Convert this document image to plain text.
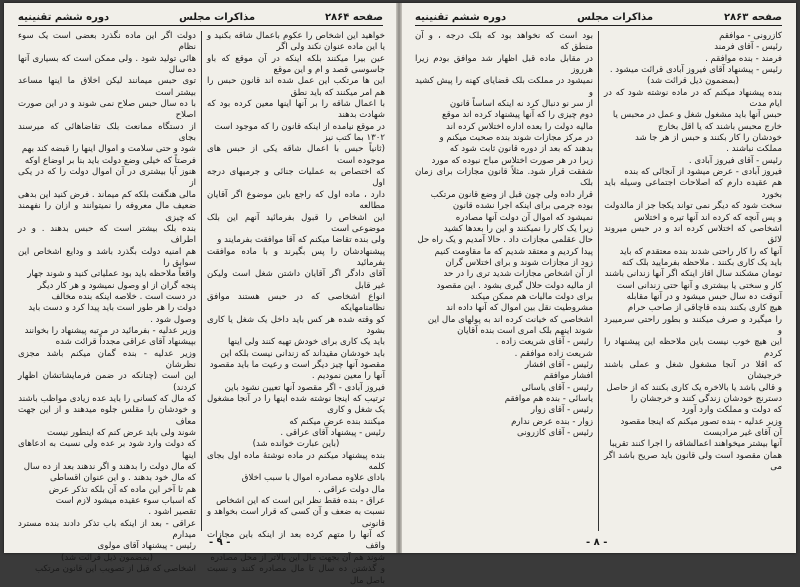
صفحه ۲۸۶۴
مذاکرات مجلس
دوره ششم تقنینیه

خواهید این اشخاص را عکوم باعمال شاقه بکنید و یا این ماده عنوان نکند ولی اگر

عین بیرا میکنند بلکه اینکه در آن موقع که باو جاسوسی قصد و ام و این موقع

این ها مرتکب این عمل شده اند قانون حبس را هم امر میکنند که باید نطق

با اعمال شاقه را بر آنها اینها معین کرده بود که شهادت بدهند

در موقع نیامده از اینکه قانون را که موجود است

۱۳۰۲ بما کتب نیز

(ثانیاً حبس با اعمال شاقه یکی از حبس های موجوده است

که اختصاص به عملیات جنائی و جرمیهای درجه اول

دارد ، ماده اول که راجع باین موضوع اگر آقایان مطالعه

این اشخاص را قبول بفرمائید آنهم این بلک موضوعی است

ولی بنده تقاضا میکنم که آقا موافقت بفرمایند و

پیشنهادشان را پس بگیرند و با ماده موافقت بفرمائید

آقای دادگر اگر آقایان داشتن شغل است ولیکن غیر قابل

انواع اشخاصی که در حبس هستند موافق نظامنامهایکه

کو وقته شده هر کس باید داخل یک شغل یا کاری بشود

باید یک کاری برای خودش تهیه کنند ولی اینها

باید خودشان مقیداند که زندانی نیست بلکه این

مقصود آنها چیز دیگر است و رعیت ما باید مقصود

آنها را معین نمودیم .

فیروز آبادی - اگر مقصود آنها تعیین نشود باین

ترتیب که اینجا نوشته شده اینها را در آنجا مشغول یک شغل و کاری

میکنند بنده عرض میکنم که

رئیس - پیشنهاد آقای عراقی .

(باین عبارت خوانده شد)

بنده پیشنهاد میکنم در ماده نوشتهٔ ماده اول بجای کلمه

بادای علاوه مصادره اموال با سبب اخلاق

مال دولت عراقی .

عراق - بنده فقط نظر این است که این اشخاص

نسبت به ضعف و آن کسی که قرار است بخواهد و قانونی

که آنها را متهم کرده بعد از اینکه باین مجازات واقف

شوند هم آن بجهت مال این بالاتر از محل مصادره

و گذشتن ده سال تا مال مصادره کنند و نسبت باصل مال

دولت اگر این ماده نگذرد بعضی است یک سوء نظام

هائی تولید شود . ولی ممکن است که بسیاری آنها ده سال

توی حبس میمانند لیکن اخلاق ما اینها مساعد بیشتر است

با ده سال حبس صلاح نمی شوند و در این صورت اصلاح

از دستگاه ممانعت بلک تقاضاهائی که میرسند بجای

شود و حتی سلامت و اموال اینها را قبضه کند بهم

فرصتاً که خیلی وضع دولت باید بنا بر اوضاع اوکه

هنوز آیا بیشتری در آن اموال دولت را که در یکی از

مالی هنگفت بلکه کم میماند . فرض کنید این بدهی

ضعیف مال معروفه را نمیتوانند و ازان را نفهمند که چیزی

بنده بلک بیشتر است که حبس بدهند . و در اطراف

هم امنیه دولت بگذرد باشد و ودایع اشخاص این سوابق را

واقعاً ملاحظه باید بود عملیاتی کنید و شوند جهار

پنجه گران از او وصول نمیشود و هر کار دیگر

در دست است . خلاصه اینکه بنده مخالف

دولت را هر طور است باید پیدا کرد و دست باید

وصول شود .

وزیر عدلیه - بفرمائید در مرتبه پیشنهاد را بخوانند

بپیشنهاد آقای عراقی مجدداً قرائت شده

وزیر عدلیه - بنده گمان میکنم باشد مجزی نظرشان

این است (چنانکه در ضمن فرمایشاتشان اظهار کردند)

که مال که کسانی را باید عده زیادی مواظب باشند

و خودشان را مقلس جلوه میدهند و از این جهت معاف

شوند ولی باید عرض کنم که اینطور نیست

که دولت وارد شود بر عده ولی نسبت به ادعاهای اینها

که مال دولت را بدهند و اگر ندهند بعد از ده سال

که مال خود بدهند . و این عنوان اقساطی

هم تا آخر این ماده که آن بلکه تذکر عرض

که اسباب سوء عقیده میشود لازم است

تقصیر اشود .

عراقی - بعد از اینکه باب تذکر دادند بنده مسترد میدارم

رئیس - پیشنهاد آقای مولوی

(بمضمون ذیل قرائت شد)

اشخاصی که قبل از تصویب این قانون مرتکب

- ۹ -
صفحه ۲۸۶۳
مذاکرات مجلس
دوره ششم تقنینیه

کازرونی - موافقم

رئیس - آقای فرمند

فرمند - بنده موافقم .

رئیس - پیشنهاد آقای فیروز آبادی قرائت میشود .

(بمضمون ذیل قرائت شد)

بنده پیشنهاد میکنم که در ماده نوشته شود که در ایام مدت

حبس آنها باید مشغول شغل و عمل در محبس یا

خارج محبس باشند که یا اقل بخارج

خودشان را کار بکنند و حبس از هر جا شد

مملکت نباشند .

رئیس - آقای فیروز آبادی .

فیروز آبادی - عرض میشود از آنجائی که بنده

هم عقیده دارم که اصلاحات اجتماعی وسیله باید بخورد

سخت شود که دیگر نمی تواند یکجا جز از مالدولت

و پس آنچه که کرده اند آنها تیره و اختلاس

اشخاصی که اختلاس کرده اند و در حبس میروند لائق

آنها که را کار راحتی شدند بنده معتقدم که باید

باید یک کاری بکنند . ملاحظه بفرمایید بلک کنه

تومان مشکند سال اقاز اینکه اگر آنها زندانی باشند

کار و سختی یا بیشتری و آنها حتی زندانی است

آنوقت دہ سال حبس میشود و در آنها مقابله

هیچ کاری بکنند بنده قاچاقی از صاحب حرام

را میگیرد و صرف میکنند و بطور راحتی سرمیبرد و

این هیچ خوب نیست باین ملاحظه این پیشنهاد را کردم

که اقلا در آنجا مشغول شغل و عملی باشند خرجیشان

و قالی باشد یا بالاخره یک کاری بکنند که از حاصل

دسترنج خودشان زندگی کنند و خرجشان را

که دولت و مملکت وارد آورد

وزیر عدلیه - بنده تصور میکنم که اینجا مقصود

آن آقای غیر مرادیست

آنها بیشتر میخواهند اعمالشاقه را اجرا کنند تقریبا

همان مقصود است ولی قانون باید صریح باشد اگر می

بود است که نخواهد بود که بلک درجه ، و آن منطق که

در مقابل ماده قبل اظهار شد موافق بودم زیرا هرروز

نمیشود در مملکت بلک قضایای کهنه را پیش کشید و

از سر نو دنبال کرد نه اینکه اساساً قانون

دوم چیزی را که آنها پیشنهاد کرده اند موقع

مالیه دولت را بعده اداره اختلاس کرده اند

در مرکز مجازات شوند بنده صحبت میکنم و

بدهند که بعد از دوره قانون ثابت شود که

زیرا در هر صورت اختلاس مباح نبوده که مورد

شفقت قرار شود. مثلاً قانون مجازات برای زمان بلک

قرار داده ولی چون قبل از وضع قانون مرتکب

بوده جرمی برای اینکه اجرا نشده قانون

نمیشود که اموال آن دولت آنها مصادره

زیرا یک کار را نمیکنند و این را بعدها کشید

حال عقلمی مجازات داد . حالا آمدیم و یک راه حل

پیدا کردیم و معتقد شدیم که ما مقاومت کنیم

زود از مجازات شوند و برای اختلاس گران

از آن اشخاص مجازات شدید تری را در حد

از مالیه دولت حلال گیری بشود . این مقصود

برای دولت مالیات هم ممکن میکند

مشروطیت نقل بین اموال که آنها داده اند

اشخاصی که خیانت کرده اند به پولهای مال این

شوند اینهم بلک امری است بنده آقایان

رئیس - آقای شریعت زاده .

شریعت زاده موافقم .

رئیس - آقای افشار

افشار موافقم

رئیس - آقای یاسائی

یاسائی - بنده هم موافقم

رئیس - آقای زوار

زوار - بنده عرض ندارم

رئیس - آقای کازرونی

- ۸ -
